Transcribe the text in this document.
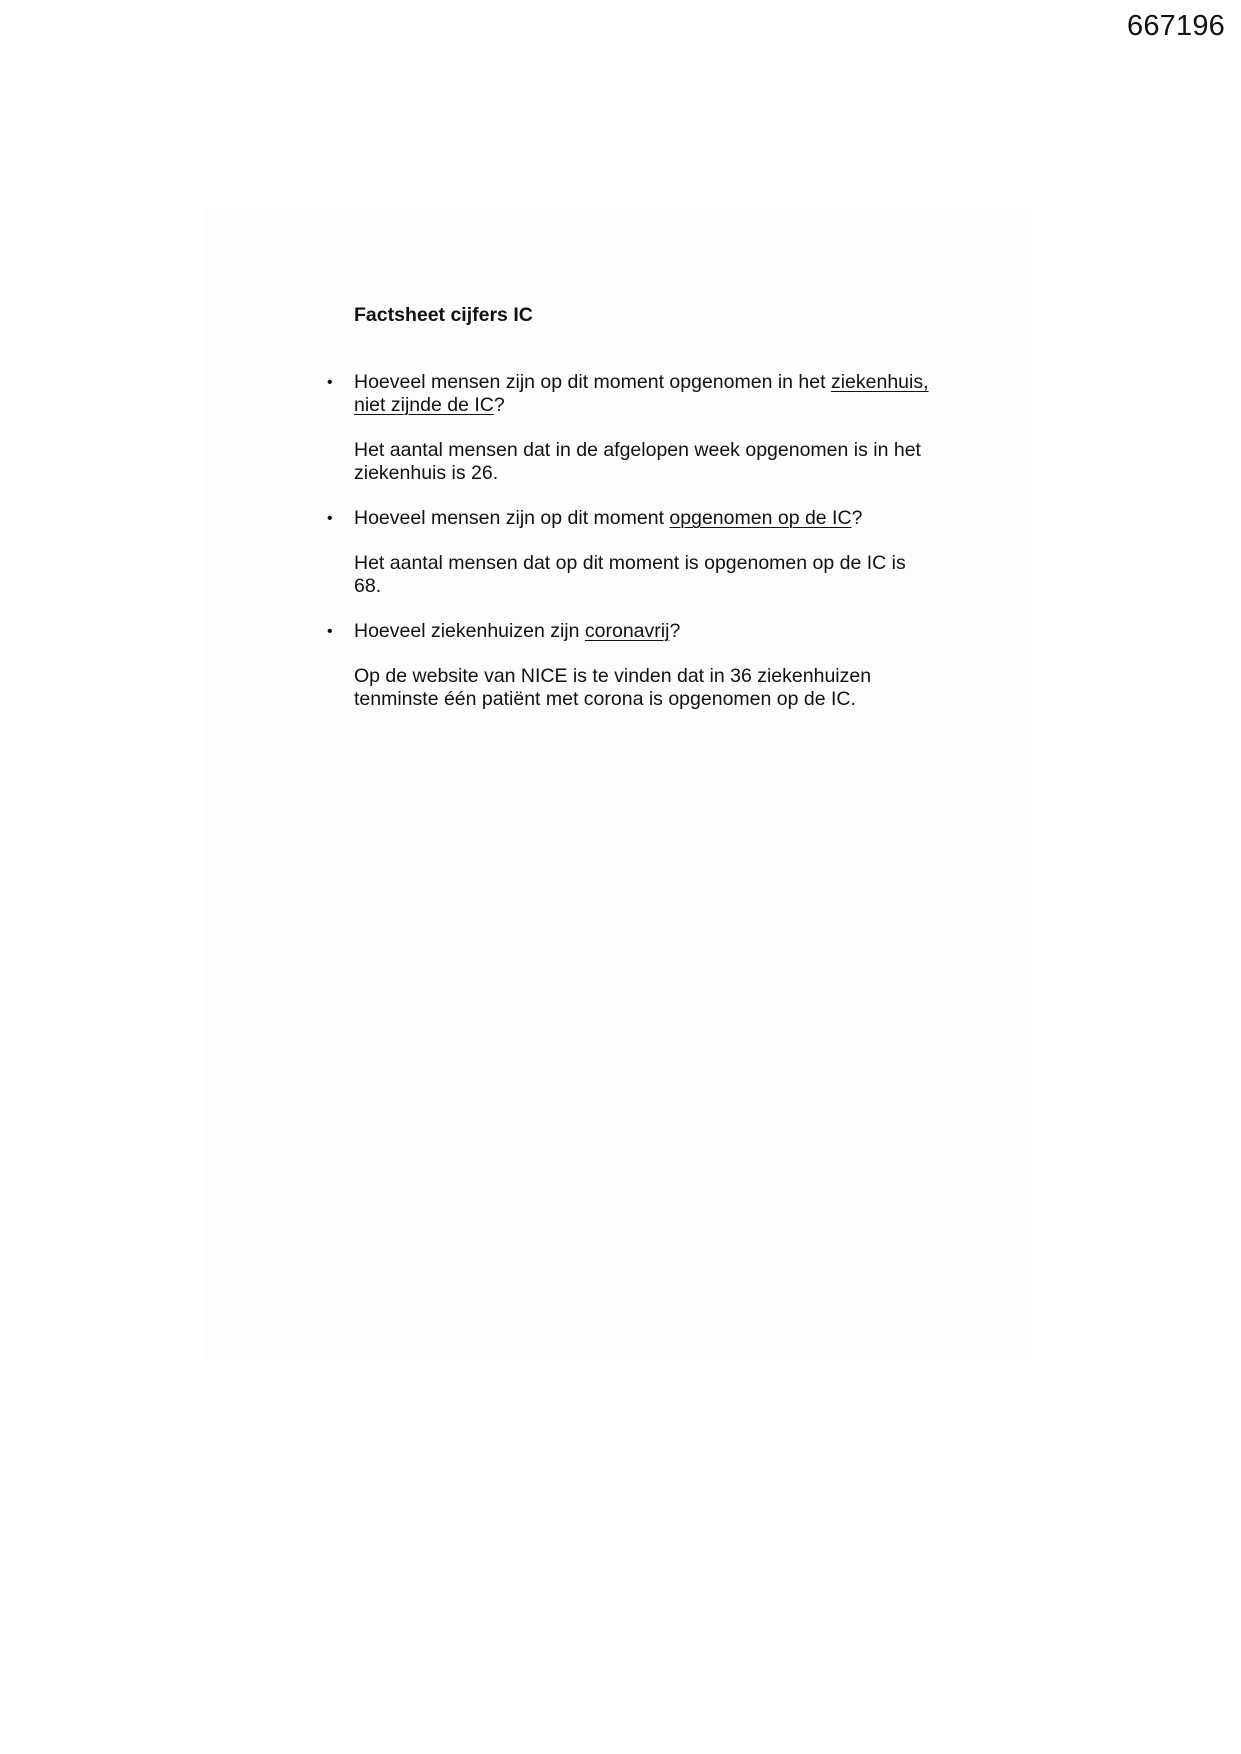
667196
Factsheet cijfers IC
• Hoeveel mensen zijn op dit moment opgenomen in het ziekenhuis, niet zijnde de IC?

Het aantal mensen dat in de afgelopen week opgenomen is in het ziekenhuis is 26.

• Hoeveel mensen zijn op dit moment opgenomen op de IC?

Het aantal mensen dat op dit moment is opgenomen op de IC is 68.

• Hoeveel ziekenhuizen zijn coronavrij?

Op de website van NICE is te vinden dat in 36 ziekenhuizen tenminste één patiënt met corona is opgenomen op de IC.
